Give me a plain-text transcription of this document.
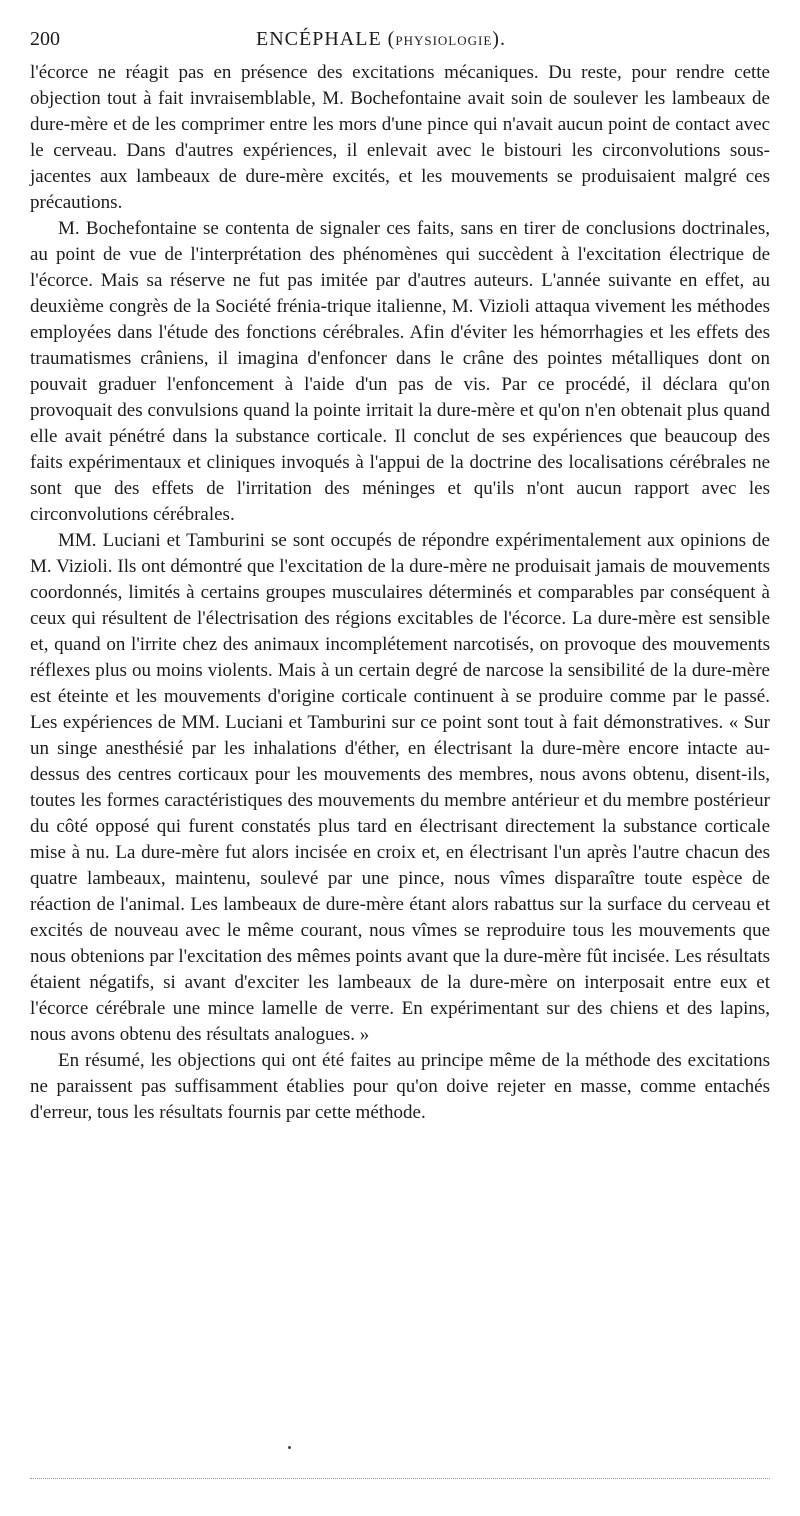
200	ENCÉPHALE (PHYSIOLOGIE).

l'écorce ne réagit pas en présence des excitations mécaniques. Du reste, pour rendre cette objection tout à fait invraisemblable, M. Bochefontaine avait soin de soulever les lambeaux de dure-mère et de les comprimer entre les mors d'une pince qui n'avait aucun point de contact avec le cerveau. Dans d'autres expériences, il enlevait avec le bistouri les circonvolutions sous-jacentes aux lambeaux de dure-mère excités, et les mouvements se produisaient malgré ces précautions.

M. Bochefontaine se contenta de signaler ces faits, sans en tirer de conclusions doctrinales, au point de vue de l'interprétation des phénomènes qui succèdent à l'excitation électrique de l'écorce. Mais sa réserve ne fut pas imitée par d'autres auteurs. L'année suivante en effet, au deuxième congrès de la Société frénia-trique italienne, M. Vizioli attaqua vivement les méthodes employées dans l'étude des fonctions cérébrales. Afin d'éviter les hémorrhagies et les effets des traumatismes crâniens, il imagina d'enfoncer dans le crâne des pointes métalliques dont on pouvait graduer l'enfoncement à l'aide d'un pas de vis. Par ce procédé, il déclara qu'on provoquait des convulsions quand la pointe irritait la dure-mère et qu'on n'en obtenait plus quand elle avait pénétré dans la substance corticale. Il conclut de ses expériences que beaucoup des faits expérimentaux et cliniques invoqués à l'appui de la doctrine des localisations cérébrales ne sont que des effets de l'irritation des méninges et qu'ils n'ont aucun rapport avec les circonvolutions cérébrales.

MM. Luciani et Tamburini se sont occupés de répondre expérimentalement aux opinions de M. Vizioli. Ils ont démontré que l'excitation de la dure-mère ne produisait jamais de mouvements coordonnés, limités à certains groupes musculaires déterminés et comparables par conséquent à ceux qui résultent de l'électrisation des régions excitables de l'écorce. La dure-mère est sensible et, quand on l'irrite chez des animaux incomplétement narcotisés, on provoque des mouvements réflexes plus ou moins violents. Mais à un certain degré de narcose la sensibilité de la dure-mère est éteinte et les mouvements d'origine corticale continuent à se produire comme par le passé. Les expériences de MM. Luciani et Tamburini sur ce point sont tout à fait démonstratives. « Sur un singe anesthésié par les inhalations d'éther, en électrisant la dure-mère encore intacte au-dessus des centres corticaux pour les mouvements des membres, nous avons obtenu, disent-ils, toutes les formes caractéristiques des mouvements du membre antérieur et du membre postérieur du côté opposé qui furent constatés plus tard en électrisant directement la substance corticale mise à nu. La dure-mère fut alors incisée en croix et, en électrisant l'un après l'autre chacun des quatre lambeaux, maintenu, soulevé par une pince, nous vîmes disparaître toute espèce de réaction de l'animal. Les lambeaux de dure-mère étant alors rabattus sur la surface du cerveau et excités de nouveau avec le même courant, nous vîmes se reproduire tous les mouvements que nous obtenions par l'excitation des mêmes points avant que la dure-mère fût incisée. Les résultats étaient négatifs, si avant d'exciter les lambeaux de la dure-mère on interposait entre eux et l'écorce cérébrale une mince lamelle de verre. En expérimentant sur des chiens et des lapins, nous avons obtenu des résultats analogues. »

En résumé, les objections qui ont été faites au principe même de la méthode des excitations ne paraissent pas suffisamment établies pour qu'on doive rejeter en masse, comme entachés d'erreur, tous les résultats fournis par cette méthode.
